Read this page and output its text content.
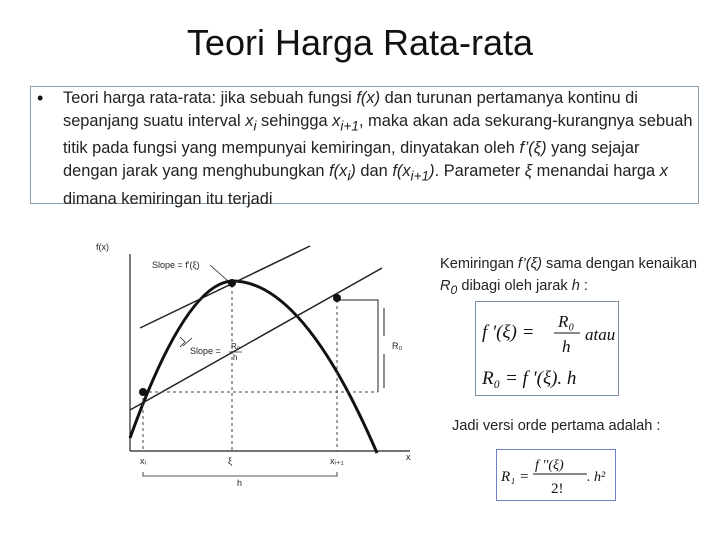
Teori Harga Rata-rata
• Teori harga rata-rata: jika sebuah fungsi f(x) dan turunan pertamanya kontinu di sepanjang suatu interval $x_i$ sehingga $x_{i+1}$, maka akan ada sekurang-kurangnya sebuah titik pada fungsi yang mempunyai kemiringan, dinyatakan oleh f’(ξ) yang sejajar dengan jarak yang menghubungkan $f(x_i)$ dan $f(x_{i+1})$. Parameter ξ menandai harga x dimana kemiringan itu terjadi
f(x)
x
R₀
Slope = f'(ξ)
Slope = R₀
h
xᵢ	ξ	xᵢ₊₁
h
Kemiringan f’(ξ) sama dengan kenaikan $R_0$ dibagi oleh jarak h :
f '(ξ) =
R₀
h
atau
R₀ = f '(ξ). h
Jadi versi orde pertama adalah :
R₁ =
f ''(ξ)
2!
. h²
